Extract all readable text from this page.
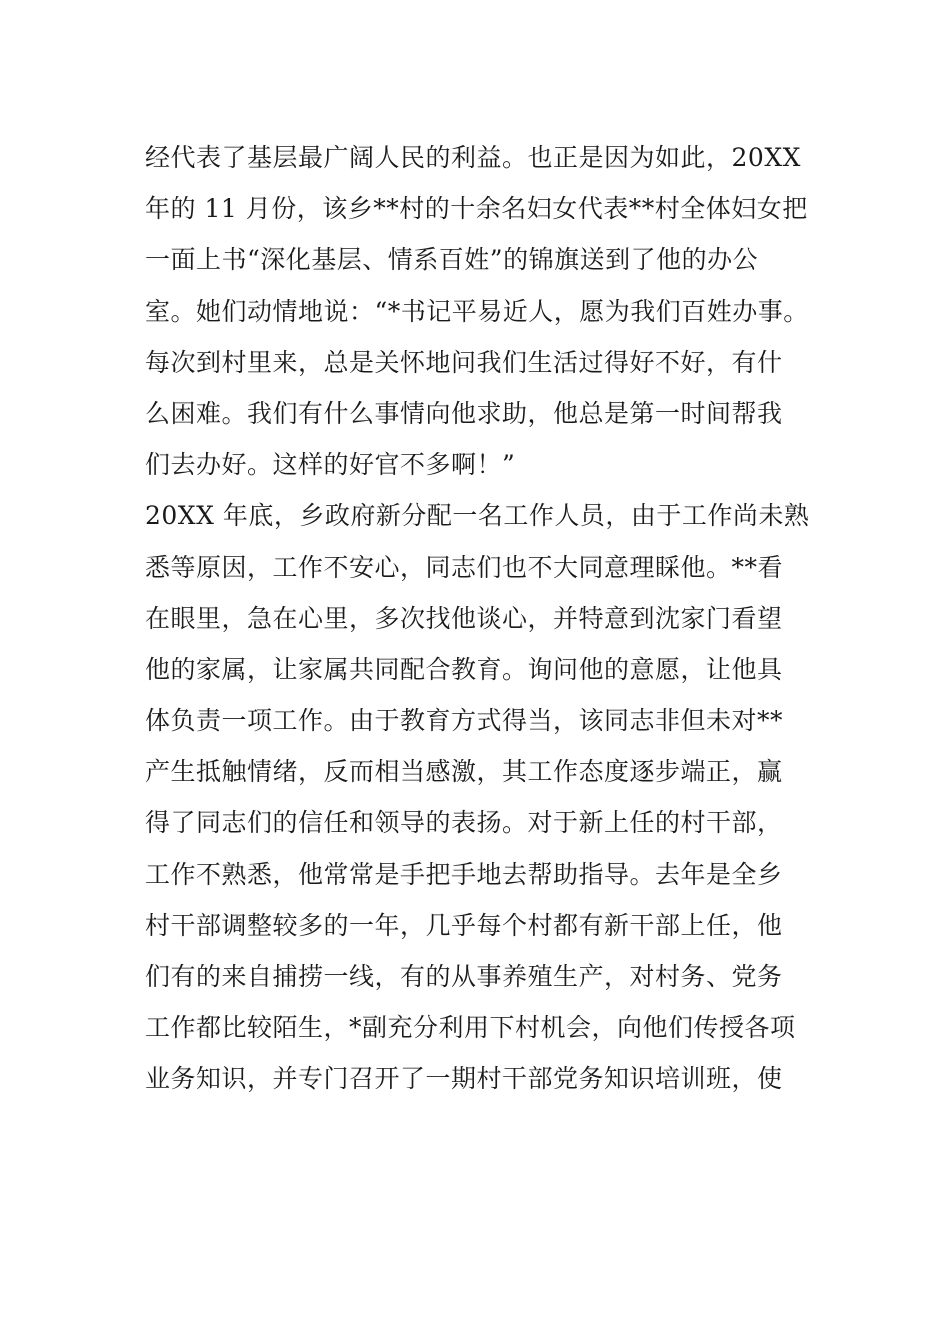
经代表了基层最广阔人民的利益。也正是因为如此，20XX
年的 11 月份，该乡**村的十余名妇女代表**村全体妇女把
一面上书“深化基层、情系百姓”的锦旗送到了他的办公
室。她们动情地说：“*书记平易近人，愿为我们百姓办事。
每次到村里来，总是关怀地问我们生活过得好不好，有什
么困难。我们有什么事情向他求助，他总是第一时间帮我
们去办好。这样的好官不多啊！”
20XX 年底，乡政府新分配一名工作人员，由于工作尚未熟
悉等原因，工作不安心，同志们也不大同意理睬他。**看
在眼里，急在心里，多次找他谈心，并特意到沈家门看望
他的家属，让家属共同配合教育。询问他的意愿，让他具
体负责一项工作。由于教育方式得当，该同志非但未对**
产生抵触情绪，反而相当感激，其工作态度逐步端正，赢
得了同志们的信任和领导的表扬。对于新上任的村干部，
工作不熟悉，他常常是手把手地去帮助指导。去年是全乡
村干部调整较多的一年，几乎每个村都有新干部上任，他
们有的来自捕捞一线，有的从事养殖生产，对村务、党务
工作都比较陌生，*副充分利用下村机会，向他们传授各项
业务知识，并专门召开了一期村干部党务知识培训班，使
